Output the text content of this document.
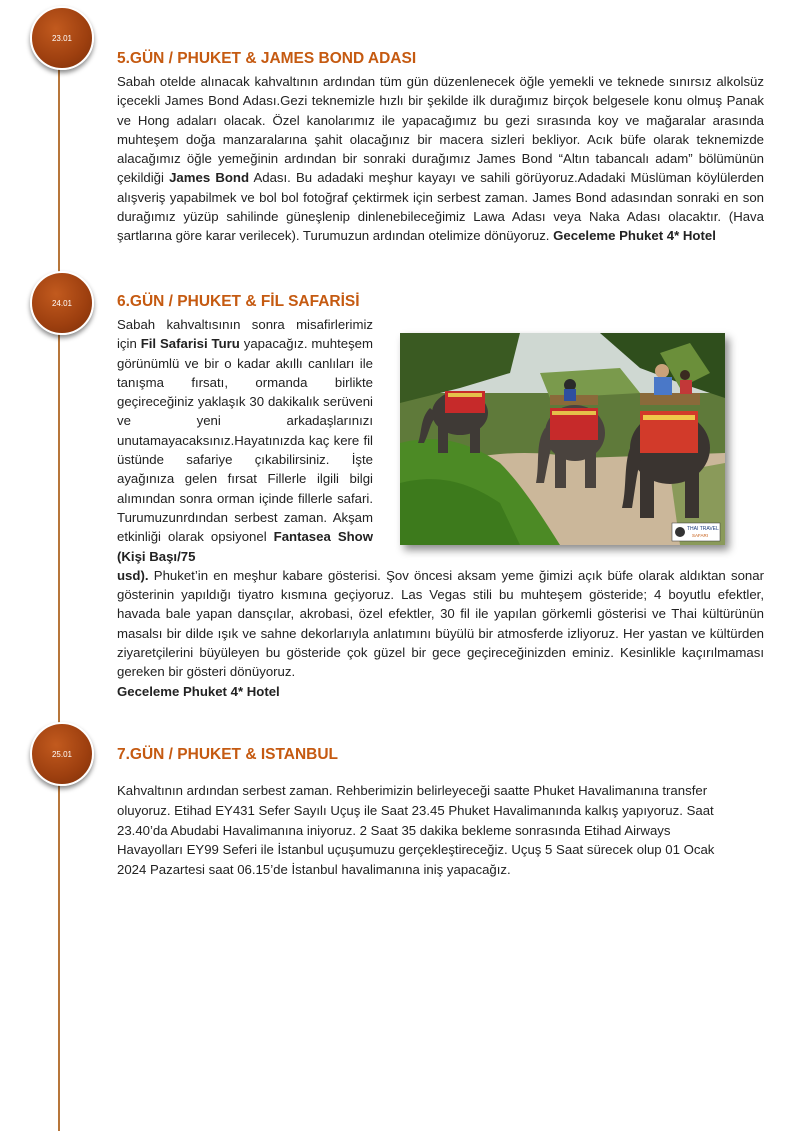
23.01
5.GÜN / PHUKET & JAMES BOND ADASI

Sabah otelde alınacak kahvaltının ardından tüm gün düzenlenecek öğle yemekli ve teknede sınırsız alkolsüz içecekli James Bond Adası.Gezi teknemizle hızlı bir şekilde ilk durağımız birçok belgesele konu olmuş Panak ve Hong adaları olacak. Özel kanolarımız ile yapacağımız bu gezi sırasında koy ve mağaralar arasında muhteşem doğa manzaralarına şahit olacağınız bir macera sizleri bekliyor. Acık büfe olarak teknemizde alacağımız öğle yemeğinin ardından bir sonraki durağımız James Bond “Altın tabancalı adam” bölümünün çekildiği James Bond Adası. Bu adadaki meşhur kayayı ve sahili görüyoruz.Adadaki Müslüman köylülerden alışveriş yapabilmek ve bol bol fotoğraf çektirmek için serbest zaman. James Bond adasından sonraki en son durağımız yüzüp sahilinde güneşlenip dinlenebileceğimiz Lawa Adası veya Naka Adası olacaktır. (Hava şartlarına göre karar verilecek). Turumuzun ardından otelimize dönüyoruz. Geceleme Phuket 4* Hotel

24.01	6.GÜN / PHUKET & FİL SAFARİSİ
Sabah kahvaltısının sonra misafirlerimiz için Fil Safarisi Turu yapacağız. muhteşem görünümlü ve bir o kadar akıllı canlıları ile tanışma fırsatı, ormanda birlikte geçireceğiniz yaklaşık 30 dakikalık serüveni ve yeni arkadaşlarınızı unutamayacaksınız.Hayatınızda kaç kere fil üstünde safariye çıkabilirsiniz. İşte ayağınıza gelen fırsat Fillerle ilgili bilgi alımından sonra orman içinde fillerle safari. Turumuzunrdından serbest zaman. Akşam etkinliği olarak opsiyonel Fantasea Show (Kişi Başı/75

usd). Phuket’in en meşhur kabare gösterisi. Şov öncesi aksam yeme ğimizi açık büfe olarak aldıktan sonar gösterinin yapıldığı tiyatro kısmına geçiyoruz. Las Vegas stili bu muhteşem gösteride; 4 boyutlu efektler, havada bale yapan dansçılar, akrobasi, özel efektler, 30 fil ile yapılan görkemli gösterisi ve Thai kültürünün masalsı bir dilde ışık ve sahne dekorlarıyla anlatımını büyülü bir atmosferde izliyoruz. Her yastan ve kültürden ziyaretçilerini büyüleyen bu gösteride çok güzel bir gece geçireceğinizden eminiz. Kesinlikle kaçırılmaması gereken bir gösteri dönüyoruz.
Geceleme Phuket 4* Hotel

THAI TRAVEL
SAFARI
25.01	7.GÜN / PHUKET & ISTANBUL

Kahvaltının ardından serbest zaman. Rehberimizin belirleyeceği saatte Phuket Havalimanına transfer oluyoruz. Etihad EY431 Sefer Sayılı Uçuş ile Saat 23.45 Phuket Havalimanında kalkış yapıyoruz. Saat 23.40’da Abudabi Havalimanına iniyoruz. 2 Saat 35 dakika bekleme sonrasında Etihad Airways Havayolları EY99 Seferi ile İstanbul uçuşumuzu gerçekleştireceğiz. Uçuş 5 Saat sürecek olup 01 Ocak 2024 Pazartesi saat 06.15’de İstanbul havalimanına iniş yapacağız.
